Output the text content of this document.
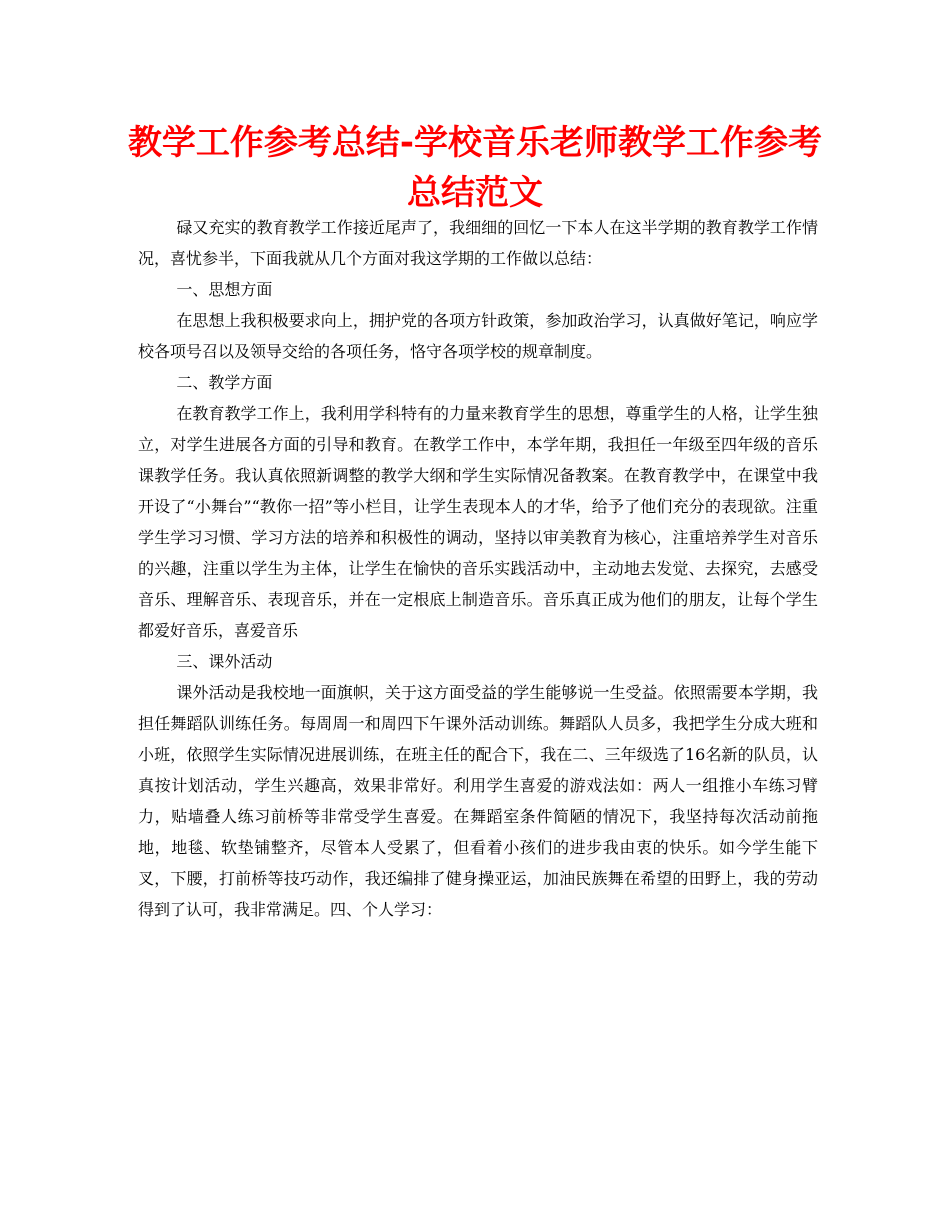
教学工作参考总结-学校音乐老师教学工作参考总结范文

碌又充实的教育教学工作接近尾声了，我细细的回忆一下本人在这半学期的教育教学工作情况，喜忧参半，下面我就从几个方面对我这学期的工作做以总结：

一、思想方面

在思想上我积极要求向上，拥护党的各项方针政策，参加政治学习，认真做好笔记，响应学校各项号召以及领导交给的各项任务，恪守各项学校的规章制度。

二、教学方面

在教育教学工作上，我利用学科特有的力量来教育学生的思想，尊重学生的人格，让学生独立，对学生进展各方面的引导和教育。在教学工作中，本学年期，我担任一年级至四年级的音乐课教学任务。我认真依照新调整的教学大纲和学生实际情况备教案。在教育教学中，在课堂中我开设了“小舞台”“教你一招”等小栏目，让学生表现本人的才华，给予了他们充分的表现欲。注重学生学习习惯、学习方法的培养和积极性的调动，坚持以审美教育为核心，注重培养学生对音乐的兴趣，注重以学生为主体，让学生在愉快的音乐实践活动中，主动地去发觉、去探究，去感受音乐、理解音乐、表现音乐，并在一定根底上制造音乐。音乐真正成为他们的朋友，让每个学生都爱好音乐，喜爱音乐

三、课外活动

课外活动是我校地一面旗帜，关于这方面受益的学生能够说一生受益。依照需要本学期，我担任舞蹈队训练任务。每周周一和周四下午课外活动训练。舞蹈队人员多，我把学生分成大班和小班，依照学生实际情况进展训练，在班主任的配合下，我在二、三年级选了16名新的队员，认真按计划活动，学生兴趣高，效果非常好。利用学生喜爱的游戏法如：两人一组推小车练习臂力，贴墙叠人练习前桥等非常受学生喜爱。在舞蹈室条件简陋的情况下，我坚持每次活动前拖地，地毯、软垫铺整齐，尽管本人受累了，但看着小孩们的进步我由衷的快乐。如今学生能下叉，下腰，打前桥等技巧动作，我还编排了健身操亚运，加油民族舞在希望的田野上，我的劳动得到了认可，我非常满足。四、个人学习：
